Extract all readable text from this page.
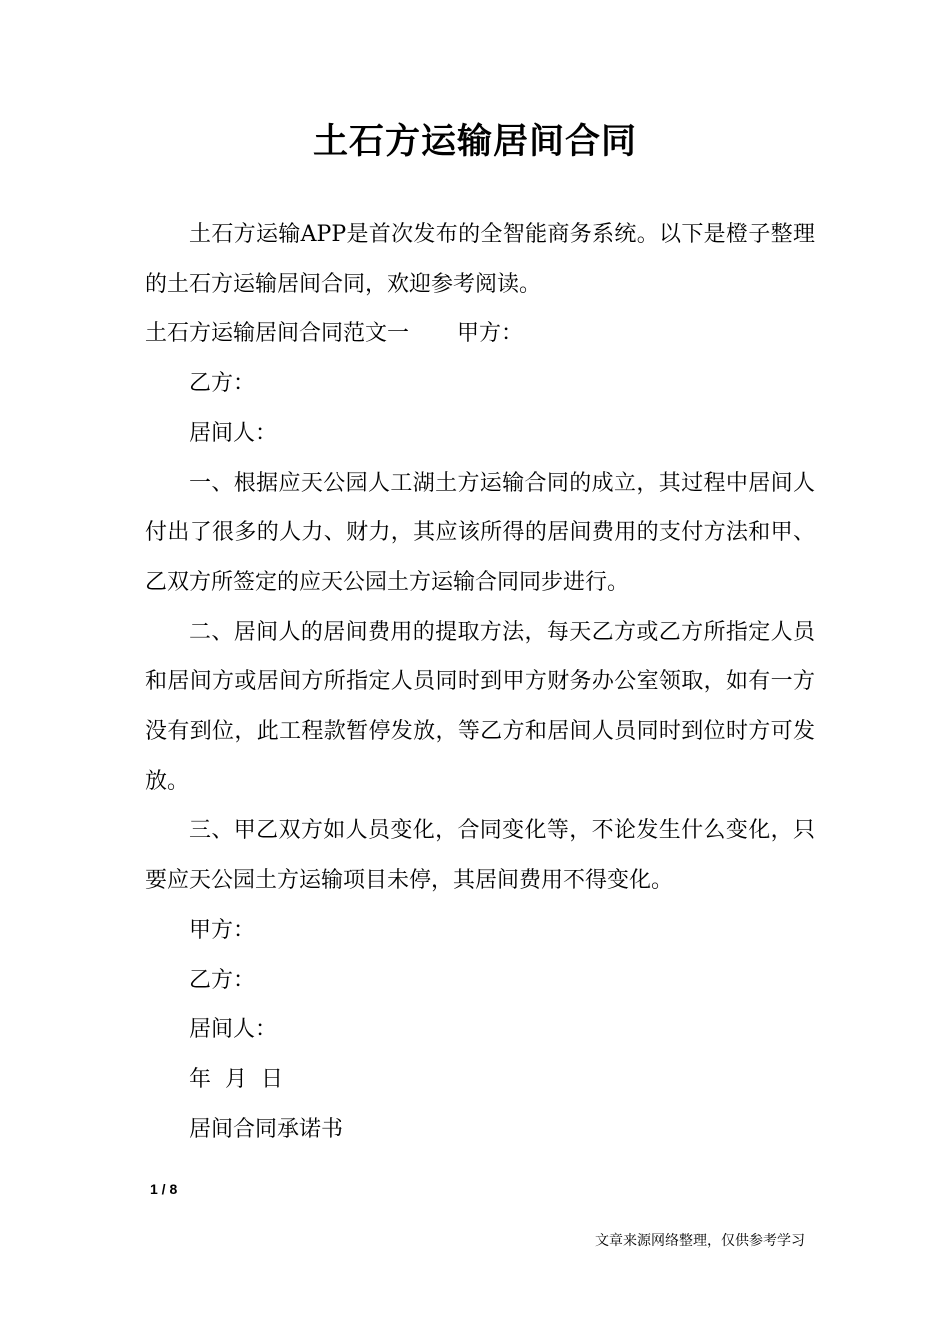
土石方运输居间合同

土石方运输APP是首次发布的全智能商务系统。以下是橙子整理的土石方运输居间合同，欢迎参考阅读。

土石方运输居间合同范文一 甲方：

乙方：

居间人：

一、根据应天公园人工湖土方运输合同的成立，其过程中居间人付出了很多的人力、财力，其应该所得的居间费用的支付方法和甲、乙双方所签定的应天公园土方运输合同同步进行。

二、居间人的居间费用的提取方法，每天乙方或乙方所指定人员和居间方或居间方所指定人员同时到甲方财务办公室领取，如有一方没有到位，此工程款暂停发放，等乙方和居间人员同时到位时方可发放。

三、甲乙双方如人员变化，合同变化等，不论发生什么变化，只要应天公园土方运输项目未停，其居间费用不得变化。

甲方：

乙方：

居间人：

年 月 日

居间合同承诺书

1 / 8
文章来源网络整理，仅供参考学习
